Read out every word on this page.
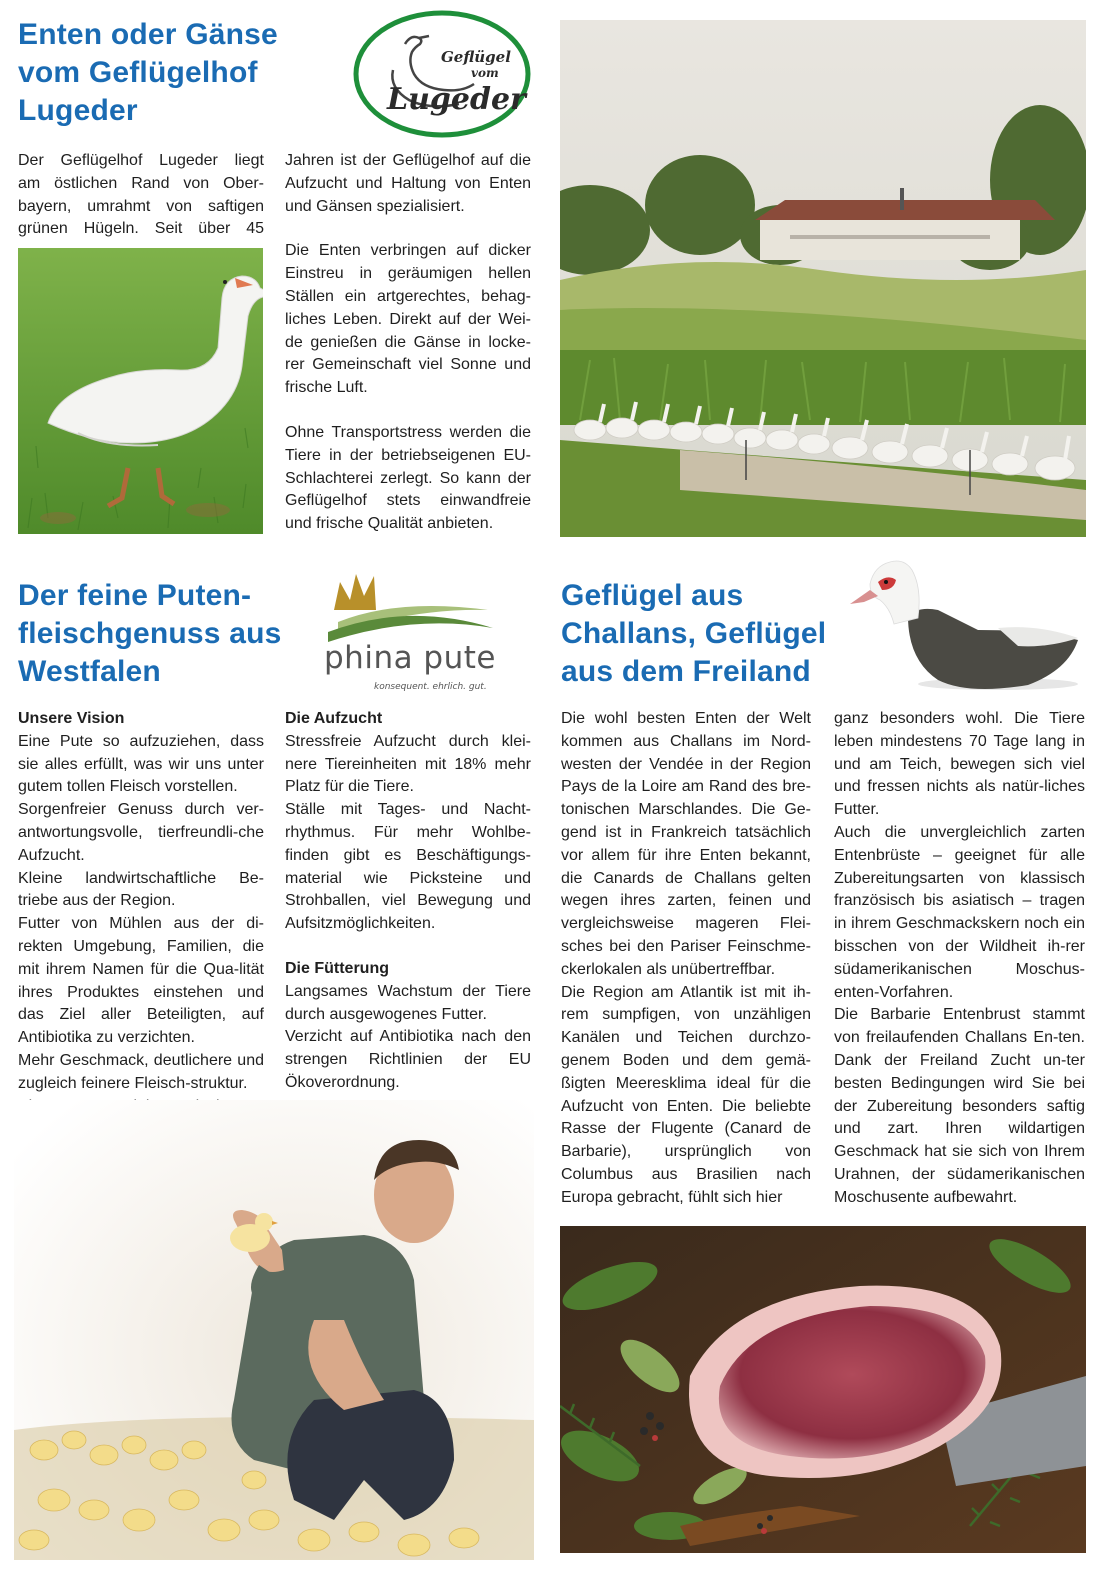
Enten oder Gänse
vom Geflügelhof
Lugeder
Geflügel
vom
Lugeder
Der Geflügelhof Lugeder liegt
am östlichen Rand von Ober-
bayern, umrahmt von saftigen
grünen Hügeln. Seit über 45

Jahren ist der Geflügelhof auf die Aufzucht und Haltung von Enten und Gänsen spezialisiert.

Die Enten verbringen auf dicker Einstreu in geräumigen hellen Ställen ein artgerechtes, behag-liches Leben. Direkt auf der Wei-de genießen die Gänse in locke-rer Gemeinschaft viel Sonne und frische Luft.

Ohne Transportstress werden die Tiere in der betriebseigenen EU-Schlachterei zerlegt. So kann der Geflügelhof stets einwandfreie und frische Qualität anbieten.

Der feine Puten-
fleischgenuss aus
Westfalen	phina pute
konsequent. ehrlich. gut.
Unsere Vision

Eine Pute so aufzuziehen, dass sie alles erfüllt, was wir uns unter gutem tollen Fleisch vorstellen.

Sorgenfreier Genuss durch ver-antwortungsvolle, tierfreundli-che Aufzucht.

Kleine landwirtschaftliche Be-triebe aus der Region.

Futter von Mühlen aus der di-rekten Umgebung, Familien, die mit ihrem Namen für die Qua-lität ihres Produktes einstehen und das Ziel aller Beteiligten, auf Antibiotika zu verzichten.

Mehr Geschmack, deutlichere und zugleich feinere Fleisch-struktur.

Die Aufzucht

Stressfreie Aufzucht durch klei-nere Tiereinheiten mit 18% mehr Platz für die Tiere.

Ställe mit Tages- und Nacht-rhythmus. Für mehr Wohlbe-finden gibt es Beschäftigungs-material wie Picksteine und Strohballen, viel Bewegung und Aufsitzmöglichkeiten.

Die Fütterung

Langsames Wachstum der Tiere durch ausgewogenes Futter.

Verzicht auf Antibiotika nach den strengen Richtlinien der EU Ökoverordnung.

Geflügel aus
Challans, Geflügel
aus dem Freiland

Die wohl besten Enten der Welt kommen aus Challans im Nord-westen der Vendée in der Region Pays de la Loire am Rand des bre-tonischen Marschlandes. Die Ge-gend ist in Frankreich tatsächlich vor allem für ihre Enten bekannt, die Canards de Challans gelten wegen ihres zarten, feinen und vergleichsweise mageren Flei-sches bei den Pariser Feinschme-ckerlokalen als unübertreffbar.

Die Region am Atlantik ist mit ih-rem sumpfigen, von unzähligen Kanälen und Teichen durchzo-genem Boden und dem gemä-ßigten Meeresklima ideal für die Aufzucht von Enten. Die beliebte Rasse der Flugente (Canard de Barbarie), ursprünglich von Columbus aus Brasilien nach Europa gebracht, fühlt sich hier

ganz besonders wohl. Die Tiere leben mindestens 70 Tage lang in und am Teich, bewegen sich viel und fressen nichts als natür-liches Futter.

Auch die unvergleichlich zarten Entenbrüste – geeignet für alle Zubereitungsarten von klassisch französisch bis asiatisch – tragen in ihrem Geschmackskern noch ein bisschen von der Wildheit ih-rer südamerikanischen Moschus-enten-Vorfahren.

Die Barbarie Entenbrust stammt von freilaufenden Challans En-ten. Dank der Freiland Zucht un-ter besten Bedingungen wird Sie bei der Zubereitung besonders saftig und zart. Ihren wildartigen Geschmack hat sie sich von Ihrem Urahnen, der südamerikanischen Moschusente aufbewahrt.
